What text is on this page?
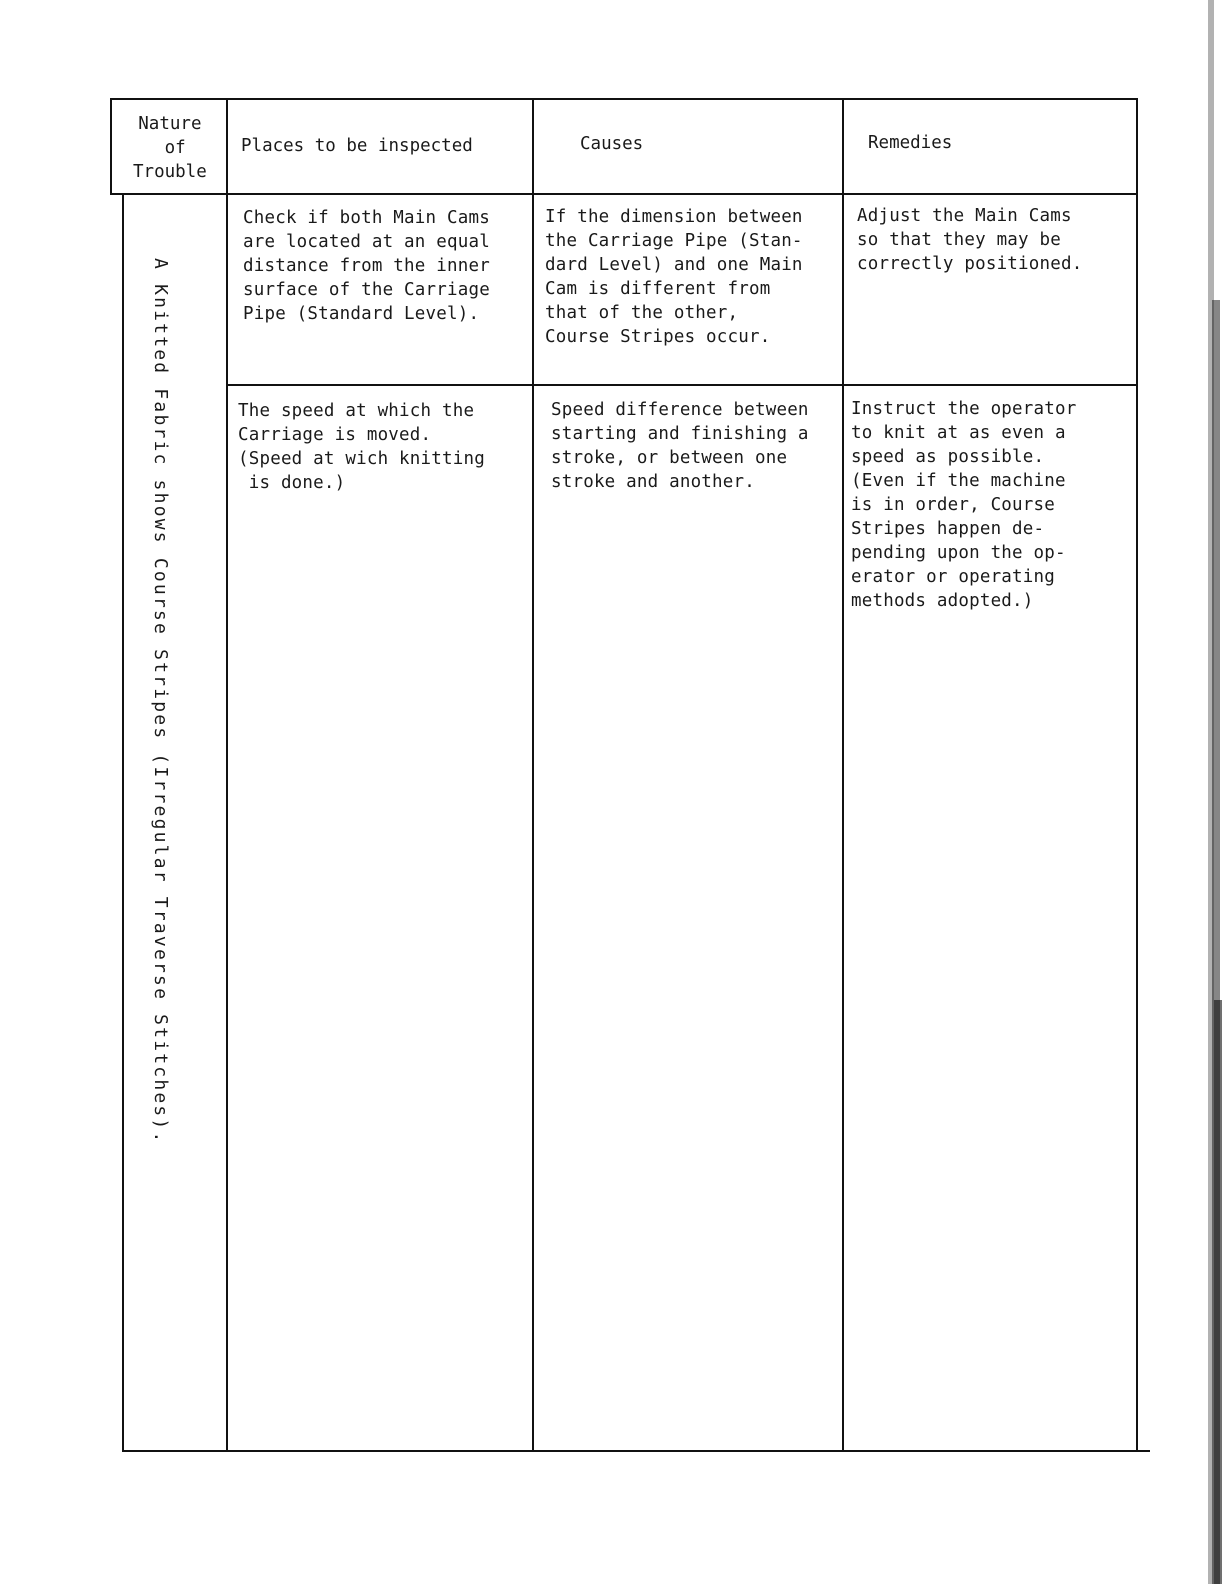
Nature
of
Trouble
Places to be inspected	Causes	Remedies
A Knitted Fabric shows Course Stripes (Irregular Traverse Stitches).
Check if both Main Cams
are located at an equal
distance from the inner
surface of the Carriage
Pipe (Standard Level).
If the dimension between
the Carriage Pipe (Stan-
dard Level) and one Main
Cam is different from
that of the other,
Course Stripes occur.
Adjust the Main Cams
so that they may be
correctly positioned.
The speed at which the
Carriage is moved.
(Speed at wich knitting
is done.)
Speed difference between
starting and finishing a
stroke, or between one
stroke and another.
Instruct the operator
to knit at as even a
speed as possible.
(Even if the machine
is in order, Course
Stripes happen de-
pending upon the op-
erator or operating
methods adopted.)
